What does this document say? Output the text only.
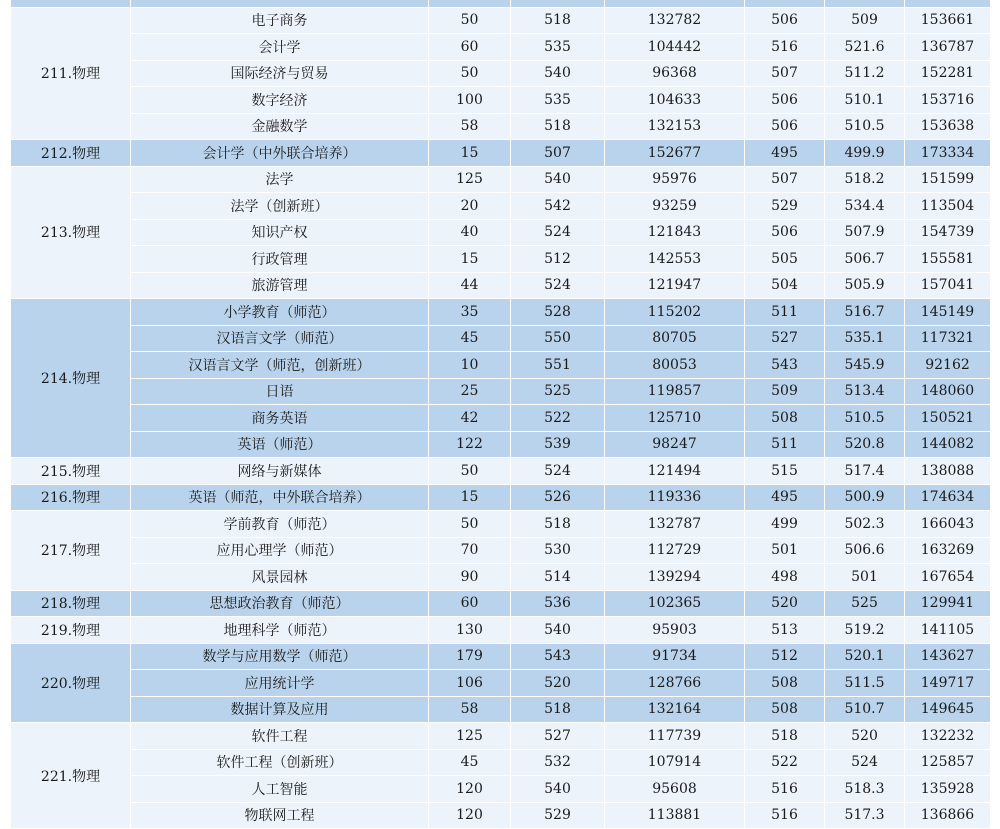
211.物理	电子商务	50	518	132782	506	509	153661
	会计学	60	535	104442	516	521.6	136787
	国际经济与贸易	50	540	96368	507	511.2	152281
	数字经济	100	535	104633	506	510.1	153716
	金融数学	58	518	132153	506	510.5	153638
212.物理	会计学（中外联合培养）	15	507	152677	495	499.9	173334
213.物理	法学	125	540	95976	507	518.2	151599
	法学（创新班）	20	542	93259	529	534.4	113504
	知识产权	40	524	121843	506	507.9	154739
	行政管理	15	512	142553	505	506.7	155581
	旅游管理	44	524	121947	504	505.9	157041
214.物理	小学教育（师范）	35	528	115202	511	516.7	145149
	汉语言文学（师范）	45	550	80705	527	535.1	117321
	汉语言文学（师范，创新班）	10	551	80053	543	545.9	92162
	日语	25	525	119857	509	513.4	148060
	商务英语	42	522	125710	508	510.5	150521
	英语（师范）	122	539	98247	511	520.8	144082
215.物理	网络与新媒体	50	524	121494	515	517.4	138088
216.物理	英语（师范，中外联合培养）	15	526	119336	495	500.9	174634
217.物理	学前教育（师范）	50	518	132787	499	502.3	166043
	应用心理学（师范）	70	530	112729	501	506.6	163269
	风景园林	90	514	139294	498	501	167654
218.物理	思想政治教育（师范）	60	536	102365	520	525	129941
219.物理	地理科学（师范）	130	540	95903	513	519.2	141105
220.物理	数学与应用数学（师范）	179	543	91734	512	520.1	143627
	应用统计学	106	520	128766	508	511.5	149717
	数据计算及应用	58	518	132164	508	510.7	149645
221.物理	软件工程	125	527	117739	518	520	132232
	软件工程（创新班）	45	532	107914	522	524	125857
	人工智能	120	540	95608	516	518.3	135928
	物联网工程	120	529	113881	516	517.3	136866
